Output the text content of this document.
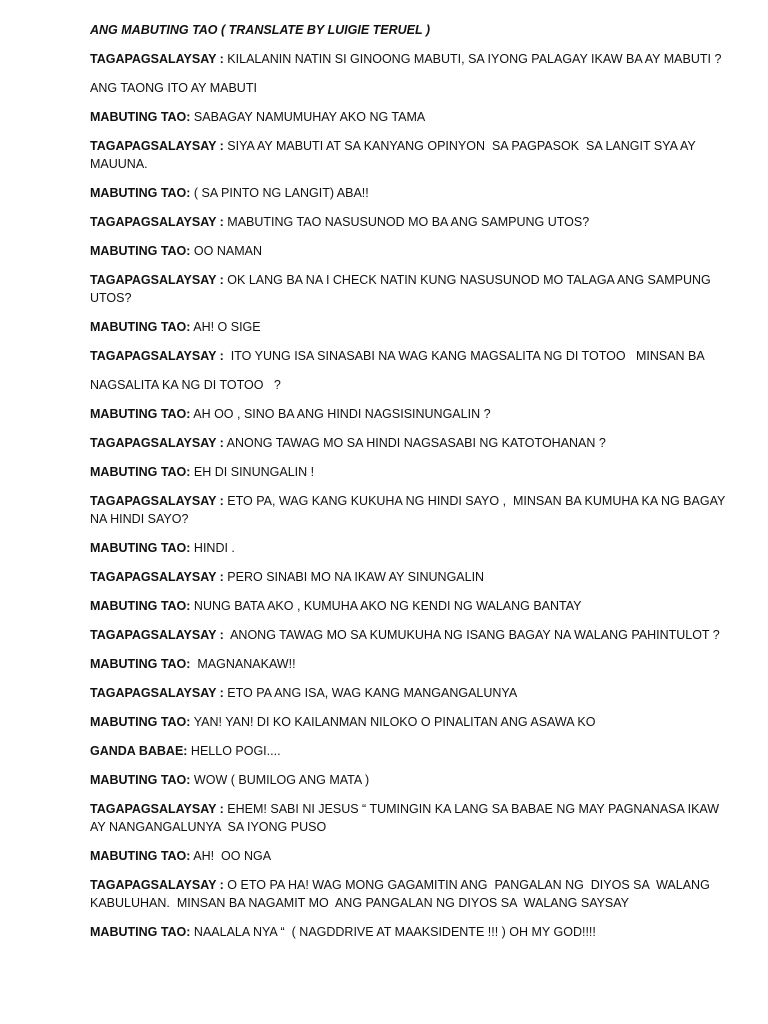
ANG MABUTING TAO ( TRANSLATE BY LUIGIE TERUEL )
TAGAPAGSALAYSAY : KILALANIN NATIN SI GINOONG MABUTI, SA IYONG PALAGAY IKAW BA AY MABUTI ?
ANG TAONG ITO AY MABUTI
MABUTING TAO: SABAGAY NAMUMUHAY AKO NG TAMA
TAGAPAGSALAYSAY : SIYA AY MABUTI AT SA KANYANG OPINYON  SA PAGPASOK  SA LANGIT SYA AY MAUUNA.
MABUTING TAO: ( SA PINTO NG LANGIT) ABA!!
TAGAPAGSALAYSAY : MABUTING TAO NASUSUNOD MO BA ANG SAMPUNG UTOS?
MABUTING TAO: OO NAMAN
TAGAPAGSALAYSAY : OK LANG BA NA I CHECK NATIN KUNG NASUSUNOD MO TALAGA ANG SAMPUNG UTOS?
MABUTING TAO: AH! O SIGE
TAGAPAGSALAYSAY :  ITO YUNG ISA SINASABI NA WAG KANG MAGSALITA NG DI TOTOO   MINSAN BA
NAGSALITA KA NG DI TOTOO   ?
MABUTING TAO: AH OO , SINO BA ANG HINDI NAGSISINUNGALIN ?
TAGAPAGSALAYSAY : ANONG TAWAG MO SA HINDI NAGSASABI NG KATOTOHANAN ?
MABUTING TAO: EH DI SINUNGALIN !
TAGAPAGSALAYSAY : ETO PA, WAG KANG KUKUHA NG HINDI SAYO ,  MINSAN BA KUMUHA KA NG BAGAY NA HINDI SAYO?
MABUTING TAO: HINDI .
TAGAPAGSALAYSAY : PERO SINABI MO NA IKAW AY SINUNGALIN
MABUTING TAO: NUNG BATA AKO , KUMUHA AKO NG KENDI NG WALANG BANTAY
TAGAPAGSALAYSAY :  ANONG TAWAG MO SA KUMUKUHA NG ISANG BAGAY NA WALANG PAHINTULOT ?
MABUTING TAO:  MAGNANAKAW!!
TAGAPAGSALAYSAY : ETO PA ANG ISA, WAG KANG MANGANGALUNYA
MABUTING TAO: YAN! YAN! DI KO KAILANMAN NILOKO O PINALITAN ANG ASAWA KO
GANDA BABAE: HELLO POGI....
MABUTING TAO: WOW ( BUMILOG ANG MATA )
TAGAPAGSALAYSAY : EHEM! SABI NI JESUS “ TUMINGIN KA LANG SA BABAE NG MAY PAGNANASA IKAW AY NANGANGALUNYA  SA IYONG PUSO
MABUTING TAO: AH!  OO NGA
TAGAPAGSALAYSAY : O ETO PA HA! WAG MONG GAGAMITIN ANG  PANGALAN NG  DIYOS SA  WALANG KABULUHAN.  MINSAN BA NAGAMIT MO  ANG PANGALAN NG DIYOS SA  WALANG SAYSAY
MABUTING TAO: NAALALA NYA “  ( NAGDDRIVE AT MAAKSIDENTE !!! ) OH MY GOD!!!!
